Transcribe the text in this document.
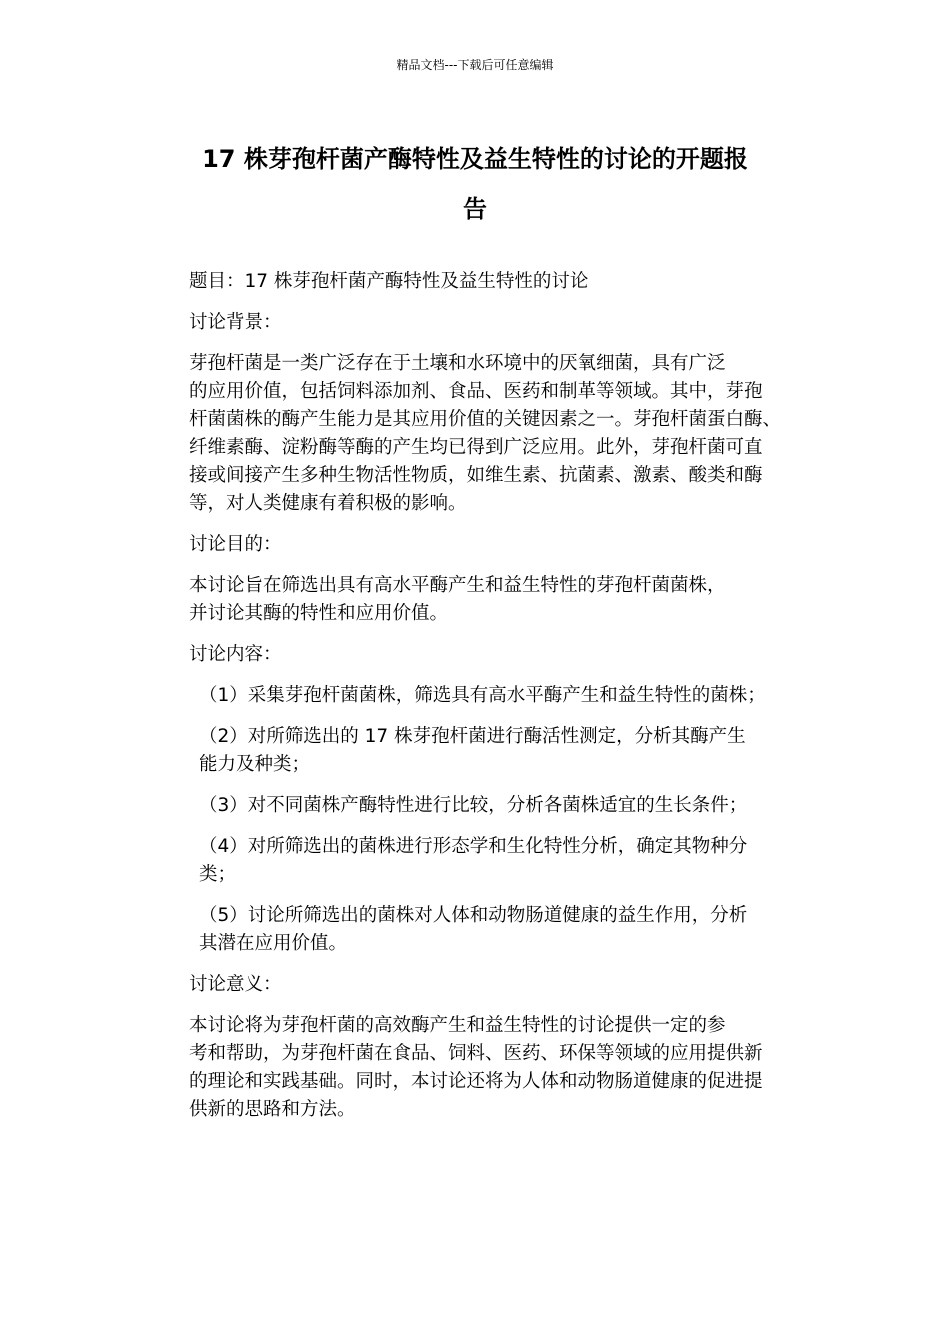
精品文档---下载后可任意编辑
17 株芽孢杆菌产酶特性及益生特性的讨论的开题报
告

题目：17 株芽孢杆菌产酶特性及益生特性的讨论

讨论背景：

芽孢杆菌是一类广泛存在于土壤和水环境中的厌氧细菌，具有广泛
的应用价值，包括饲料添加剂、食品、医药和制革等领域。其中，芽孢
杆菌菌株的酶产生能力是其应用价值的关键因素之一。芽孢杆菌蛋白酶、
纤维素酶、淀粉酶等酶的产生均已得到广泛应用。此外，芽孢杆菌可直
接或间接产生多种生物活性物质，如维生素、抗菌素、激素、酸类和酶
等，对人类健康有着积极的影响。

讨论目的：

本讨论旨在筛选出具有高水平酶产生和益生特性的芽孢杆菌菌株，
并讨论其酶的特性和应用价值。

讨论内容：

（1）采集芽孢杆菌菌株，筛选具有高水平酶产生和益生特性的菌株；

（2）对所筛选出的 17 株芽孢杆菌进行酶活性测定，分析其酶产生
能力及种类；

（3）对不同菌株产酶特性进行比较，分析各菌株适宜的生长条件；

（4）对所筛选出的菌株进行形态学和生化特性分析，确定其物种分
类；

（5）讨论所筛选出的菌株对人体和动物肠道健康的益生作用，分析
其潜在应用价值。

讨论意义：

本讨论将为芽孢杆菌的高效酶产生和益生特性的讨论提供一定的参
考和帮助，为芽孢杆菌在食品、饲料、医药、环保等领域的应用提供新
的理论和实践基础。同时，本讨论还将为人体和动物肠道健康的促进提
供新的思路和方法。
